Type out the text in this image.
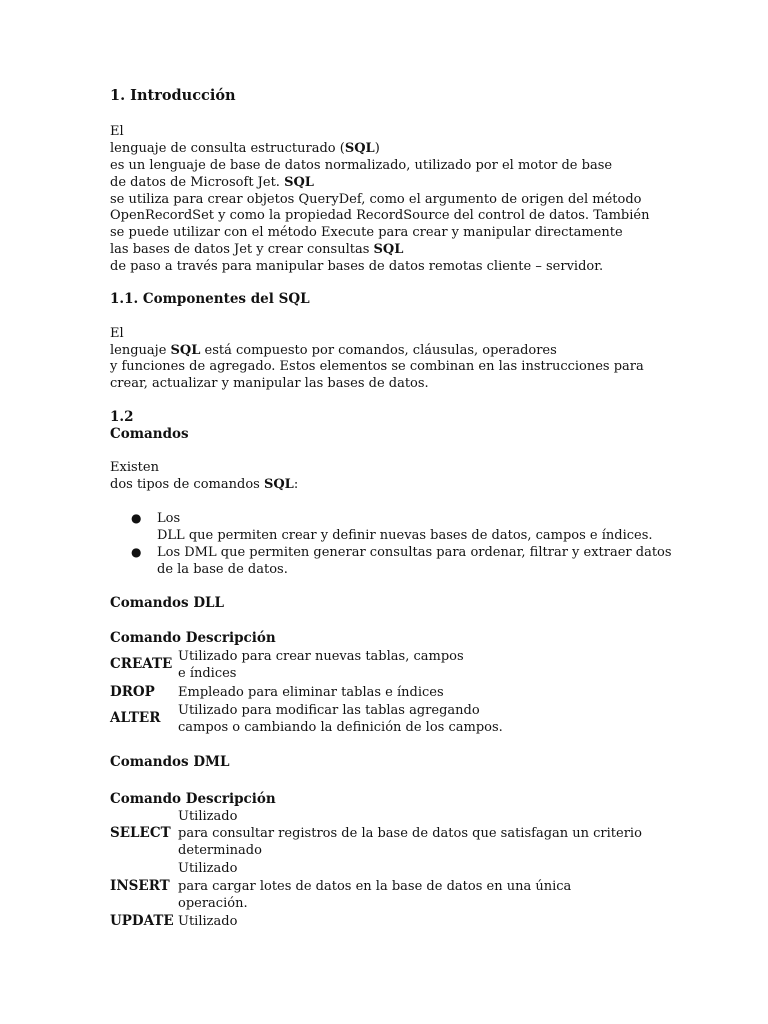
1. Introducción
El
lenguaje de consulta estructurado (SQL)
es un lenguaje de base de datos normalizado, utilizado por el motor de base
de datos de Microsoft Jet. SQL
se utiliza para crear objetos QueryDef, como el argumento de origen del método
OpenRecordSet y como la propiedad RecordSource del control de datos. También
se puede utilizar con el método Execute para crear y manipular directamente
las bases de datos Jet y crear consultas SQL
de paso a través para manipular bases de datos remotas cliente – servidor.
1.1. Componentes del SQL
El
lenguaje SQL está compuesto por comandos, cláusulas, operadores
y funciones de agregado. Estos elementos se combinan en las instrucciones para
crear, actualizar y manipular las bases de datos.
1.2
Comandos
Existen
dos tipos de comandos SQL:
● Los
DLL que permiten crear y definir nuevas bases de datos, campos e índices.
● Los DML que permiten generar consultas para ordenar, filtrar y extraer datos
de la base de datos.
Comandos DLL
Comando Descripción
CREATE Utilizado para crear nuevas tablas, campos
e índices
DROP Empleado para eliminar tablas e índices
ALTER Utilizado para modificar las tablas agregando
campos o cambiando la definición de los campos.
Comandos DML
Comando Descripción
Utilizado
SELECT para consultar registros de la base de datos que satisfagan un criterio
determinado
Utilizado
INSERT para cargar lotes de datos en la base de datos en una única
operación.
UPDATE Utilizado
